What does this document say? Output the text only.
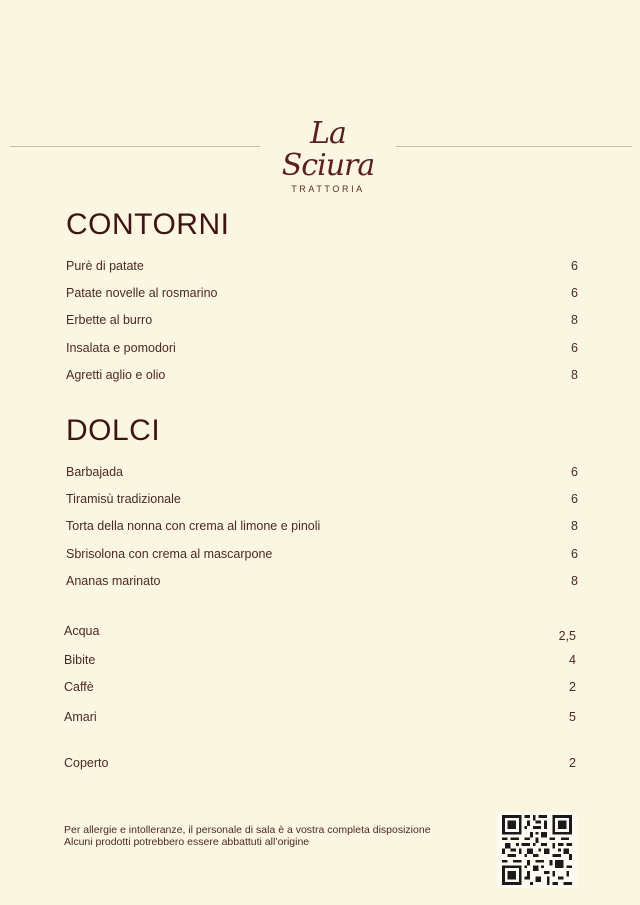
La Sciura
TRATTORIA
CONTORNI
Purè di patate	6
Patate novelle al rosmarino	6
Erbette al burro	8
Insalata e pomodori	6
Agretti aglio e olio	8
DOLCI
Barbajada	6
Tiramisù tradizionale	6
Torta della nonna con crema al limone e pinoli	8
Sbrisolona con crema al mascarpone	6
Ananas marinato	8
Acqua	2,5
Bibite	4
Caffè	2
Amari	5
Coperto	2
Per allergie e intolleranze, il personale di sala è a vostra completa disposizione
Alcuni prodotti potrebbero essere abbattuti all’origine
